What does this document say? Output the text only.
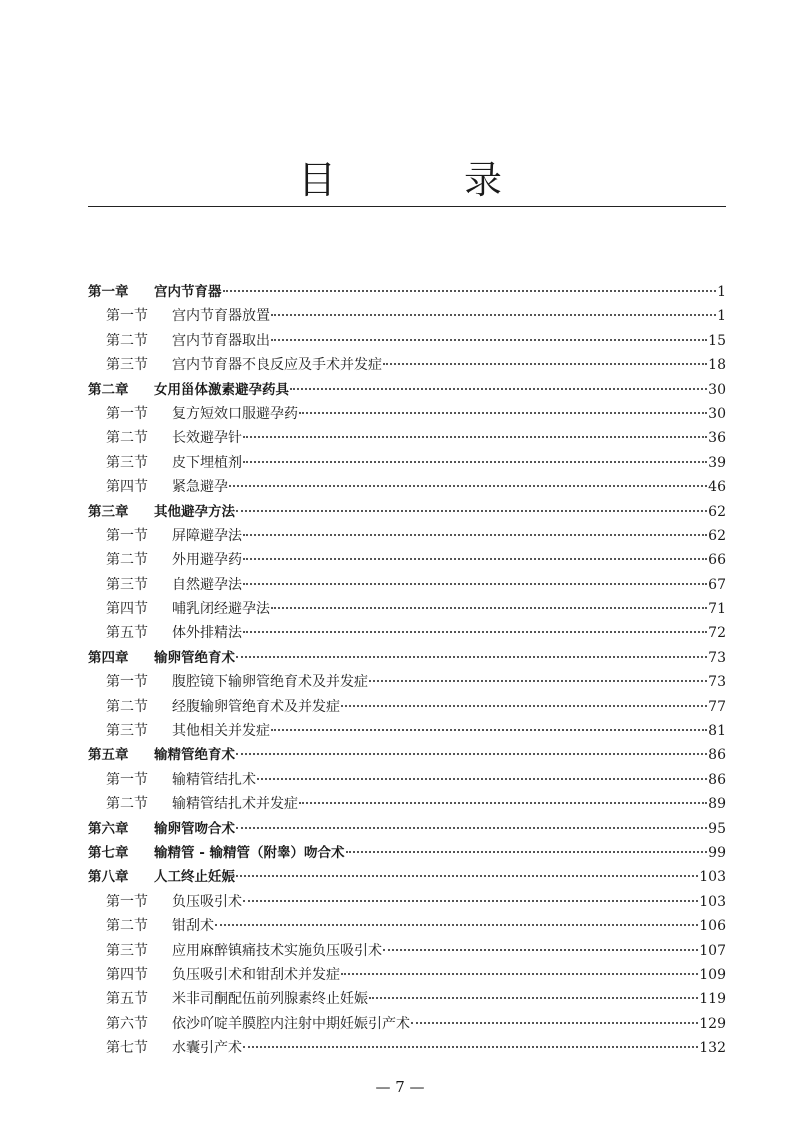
目 录
第一章	宫内节育器	1
第一节	宫内节育器放置	1
第二节	宫内节育器取出	15
第三节	宫内节育器不良反应及手术并发症	18
第二章	女用甾体激素避孕药具	30
第一节	复方短效口服避孕药	30
第二节	长效避孕针	36
第三节	皮下埋植剂	39
第四节	紧急避孕	46
第三章	其他避孕方法	62
第一节	屏障避孕法	62
第二节	外用避孕药	66
第三节	自然避孕法	67
第四节	哺乳闭经避孕法	71
第五节	体外排精法	72
第四章	输卵管绝育术	73
第一节	腹腔镜下输卵管绝育术及并发症	73
第二节	经腹输卵管绝育术及并发症	77
第三节	其他相关并发症	81
第五章	输精管绝育术	86
第一节	输精管结扎术	86
第二节	输精管结扎术并发症	89
第六章	输卵管吻合术	95
第七章	输精管 - 输精管（附睾）吻合术	99
第八章	人工终止妊娠	103
第一节	负压吸引术	103
第二节	钳刮术	106
第三节	应用麻醉镇痛技术实施负压吸引术	107
第四节	负压吸引术和钳刮术并发症	109
第五节	米非司酮配伍前列腺素终止妊娠	119
第六节	依沙吖啶羊膜腔内注射中期妊娠引产术	129
第七节	水囊引产术	132
— 7 —
